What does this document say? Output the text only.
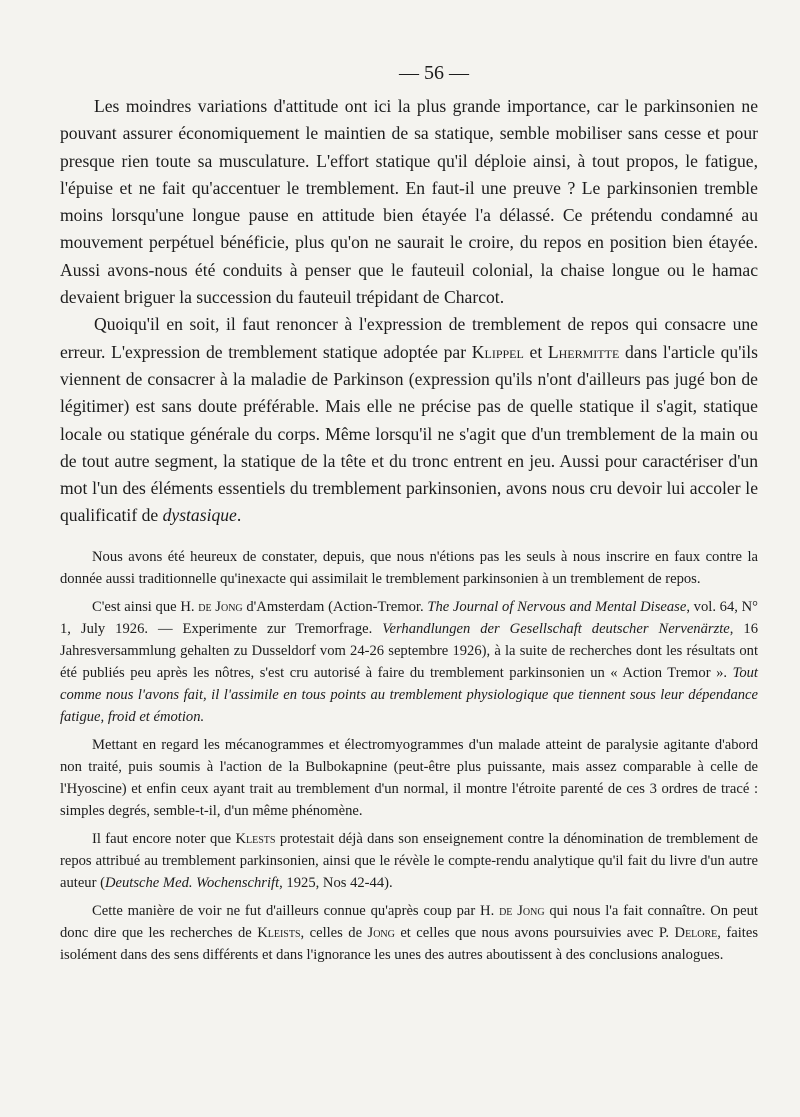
— 56 —

Les moindres variations d'attitude ont ici la plus grande importance, car le parkinsonien ne pouvant assurer économiquement le maintien de sa statique, semble mobiliser sans cesse et pour presque rien toute sa musculature. L'effort statique qu'il déploie ainsi, à tout propos, le fatigue, l'épuise et ne fait qu'accentuer le tremblement. En faut-il une preuve ? Le parkinsonien tremble moins lorsqu'une longue pause en attitude bien étayée l'a délassé. Ce prétendu condamné au mouvement perpétuel bénéficie, plus qu'on ne saurait le croire, du repos en position bien étayée. Aussi avons-nous été conduits à penser que le fauteuil colonial, la chaise longue ou le hamac devaient briguer la succession du fauteuil trépidant de Charcot.

Quoiqu'il en soit, il faut renoncer à l'expression de tremblement de repos qui consacre une erreur. L'expression de tremblement statique adoptée par Klippel et Lhermitte dans l'article qu'ils viennent de consacrer à la maladie de Parkinson (expression qu'ils n'ont d'ailleurs pas jugé bon de légitimer) est sans doute préférable. Mais elle ne précise pas de quelle statique il s'agit, statique locale ou statique générale du corps. Même lorsqu'il ne s'agit que d'un tremblement de la main ou de tout autre segment, la statique de la tête et du tronc entrent en jeu. Aussi pour caractériser d'un mot l'un des éléments essentiels du tremblement parkinsonien, avons nous cru devoir lui accoler le qualificatif de dystasique.

Nous avons été heureux de constater, depuis, que nous n'étions pas les seuls à nous inscrire en faux contre la donnée aussi traditionnelle qu'inexacte qui assimilait le tremblement parkinsonien à un tremblement de repos.

C'est ainsi que H. de Jong d'Amsterdam (Action-Tremor. The Journal of Nervous and Mental Disease, vol. 64, N° 1, July 1926. — Experimente zur Tremorfrage. Verhandlungen der Gesellschaft deutscher Nervenärzte, 16 Jahresversammlung gehalten zu Dusseldorf vom 24-26 septembre 1926), à la suite de recherches dont les résultats ont été publiés peu après les nôtres, s'est cru autorisé à faire du tremblement parkinsonien un « Action Tremor ». Tout comme nous l'avons fait, il l'assimile en tous points au tremblement physiologique que tiennent sous leur dépendance fatigue, froid et émotion.

Mettant en regard les mécanogrammes et électromyogrammes d'un malade atteint de paralysie agitante d'abord non traité, puis soumis à l'action de la Bulbokapnine (peut-être plus puissante, mais assez comparable à celle de l'Hyoscine) et enfin ceux ayant trait au tremblement d'un normal, il montre l'étroite parenté de ces 3 ordres de tracé : simples degrés, semble-t-il, d'un même phénomène.

Il faut encore noter que Klests protestait déjà dans son enseignement contre la dénomination de tremblement de repos attribué au tremblement parkinsonien, ainsi que le révèle le compte-rendu analytique qu'il fait du livre d'un autre auteur (Deutsche Med. Wochenschrift, 1925, Nos 42-44).

Cette manière de voir ne fut d'ailleurs connue qu'après coup par H. de Jong qui nous l'a fait connaître. On peut donc dire que les recherches de Kleists, celles de Jong et celles que nous avons poursuivies avec P. Delore, faites isolément dans des sens différents et dans l'ignorance les unes des autres aboutissent à des conclusions analogues.
